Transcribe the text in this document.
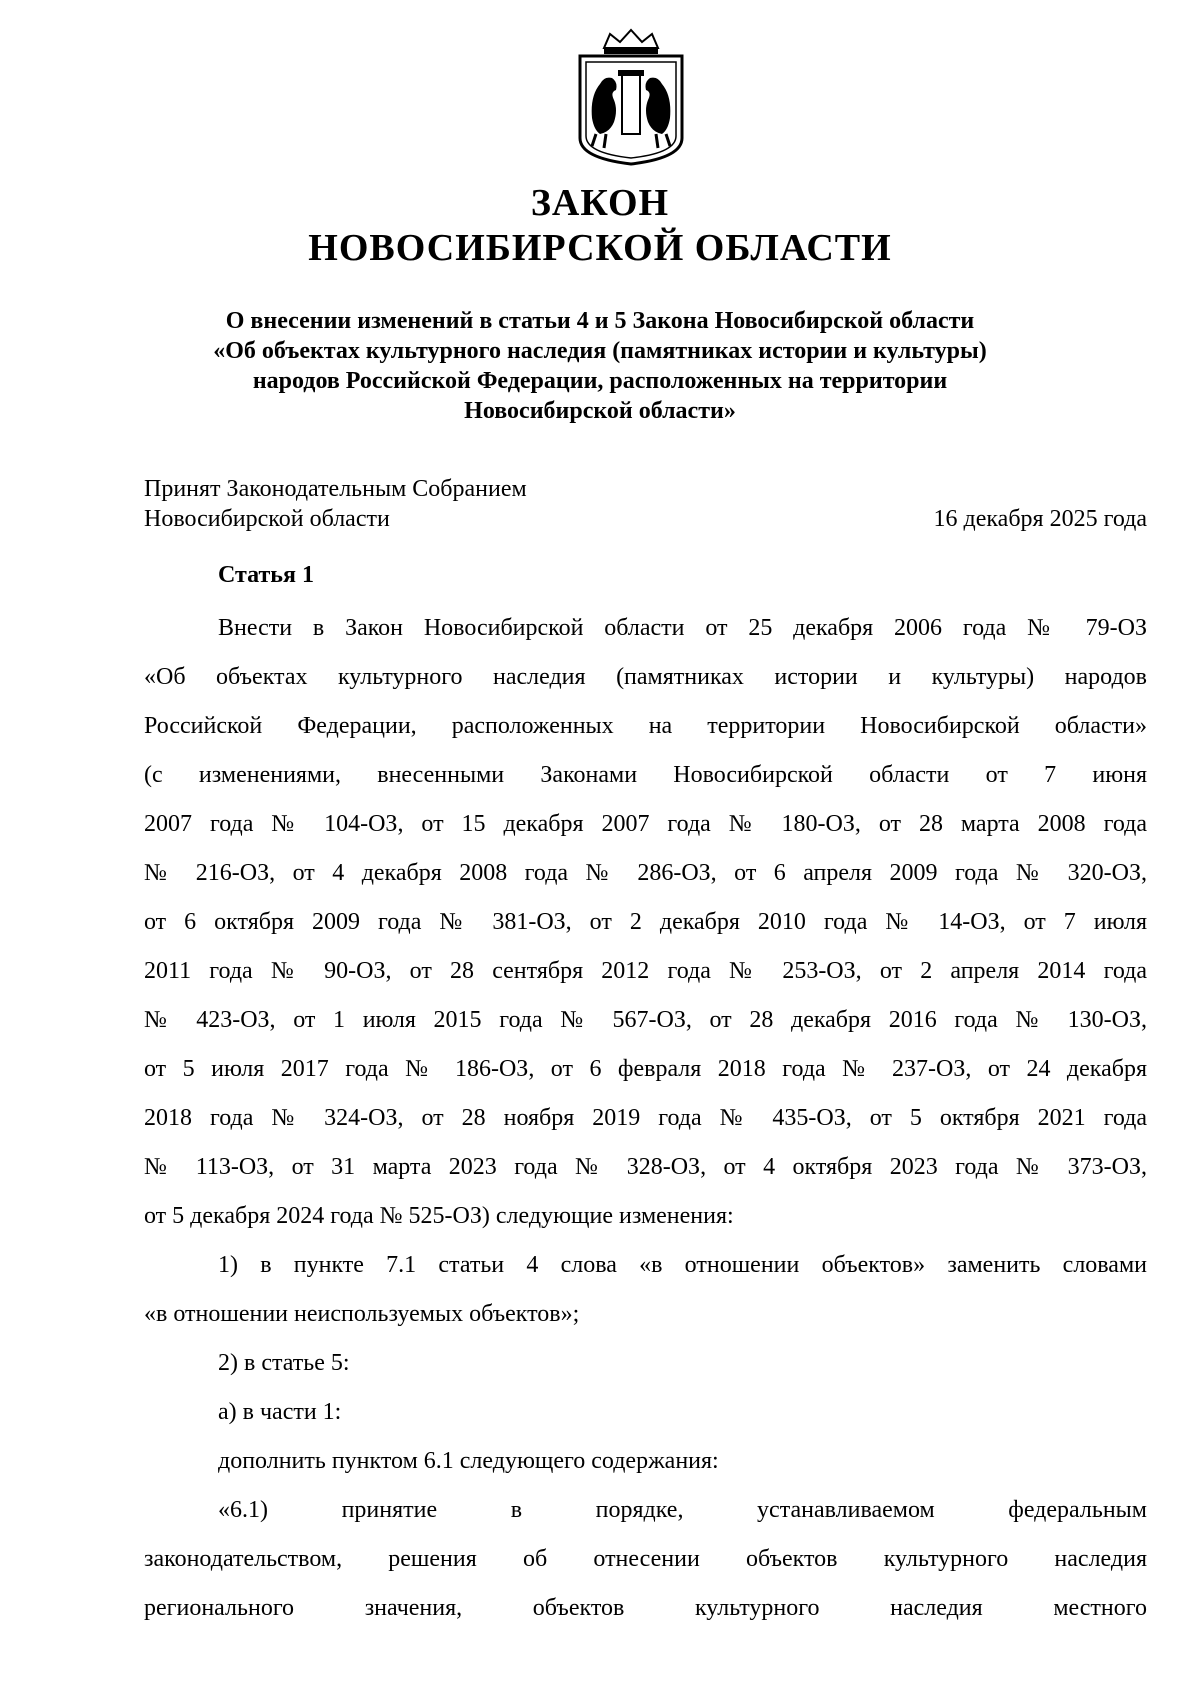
ЗАКОН
НОВОСИБИРСКОЙ ОБЛАСТИ
О внесении изменений в статьи 4 и 5 Закона Новосибирской области
«Об объектах культурного наследия (памятниках истории и культуры)
народов Российской Федерации, расположенных на территории
Новосибирской области»
Принят Законодательным Собранием
Новосибирской области	16 декабря 2025 года
Статья 1
Внести в Закон Новосибирской области от 25 декабря 2006 года № 79-ОЗ
«Об объектах культурного наследия (памятниках истории и культуры) народов
Российской Федерации, расположенных на территории Новосибирской области»
(с изменениями, внесенными Законами Новосибирской области от 7 июня
2007 года № 104-ОЗ, от 15 декабря 2007 года № 180-ОЗ, от 28 марта 2008 года
№ 216-ОЗ, от 4 декабря 2008 года № 286-ОЗ, от 6 апреля 2009 года № 320-ОЗ,
от 6 октября 2009 года № 381-ОЗ, от 2 декабря 2010 года № 14-ОЗ, от 7 июля
2011 года № 90-ОЗ, от 28 сентября 2012 года № 253-ОЗ, от 2 апреля 2014 года
№ 423-ОЗ, от 1 июля 2015 года № 567-ОЗ, от 28 декабря 2016 года № 130-ОЗ,
от 5 июля 2017 года № 186-ОЗ, от 6 февраля 2018 года № 237-ОЗ, от 24 декабря
2018 года № 324-ОЗ, от 28 ноября 2019 года № 435-ОЗ, от 5 октября 2021 года
№ 113-ОЗ, от 31 марта 2023 года № 328-ОЗ, от 4 октября 2023 года № 373-ОЗ,
от 5 декабря 2024 года № 525-ОЗ) следующие изменения:
1) в пункте 7.1 статьи 4 слова «в отношении объектов» заменить словами
«в отношении неиспользуемых объектов»;
2) в статье 5:
а) в части 1:
дополнить пунктом 6.1 следующего содержания:
«6.1) принятие в порядке, устанавливаемом федеральным
законодательством, решения об отнесении объектов культурного наследия
регионального значения, объектов культурного наследия местного
